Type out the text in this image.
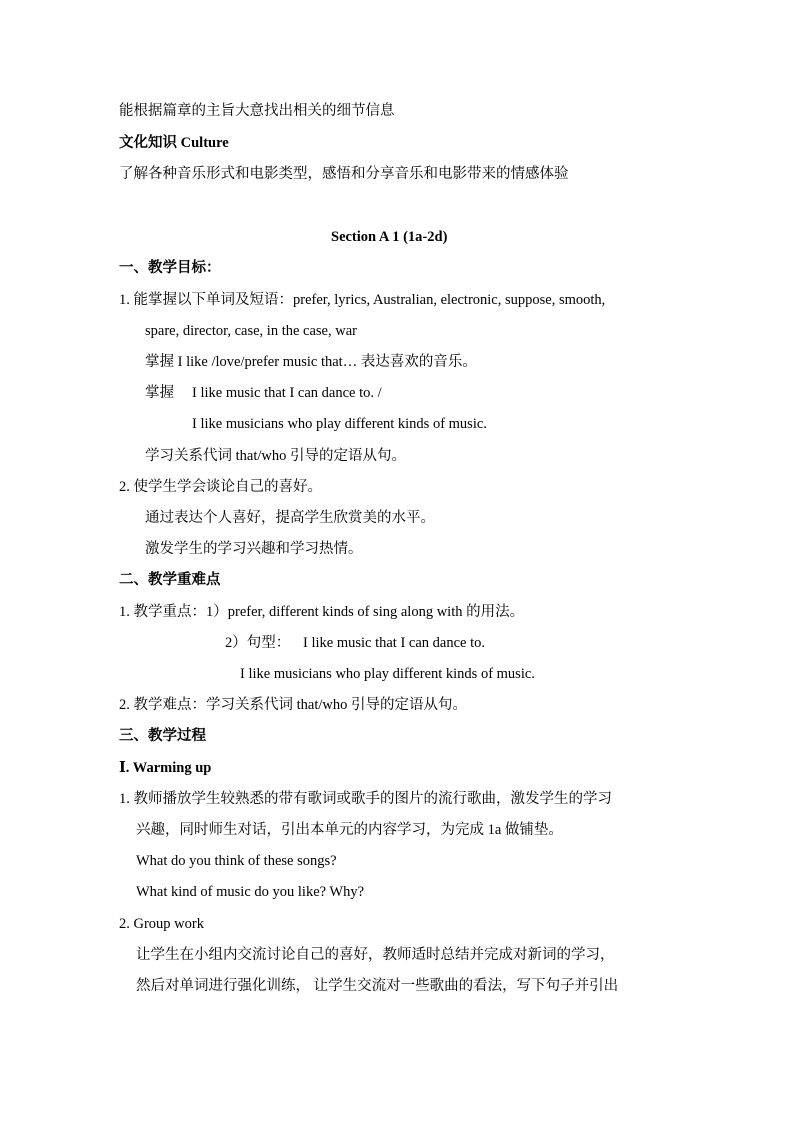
能根据篇章的主旨大意找出相关的细节信息
文化知识 Culture
了解各种音乐形式和电影类型，感悟和分享音乐和电影带来的情感体验
Section A 1 (1a-2d)
一、教学目标：
1. 能掌握以下单词及短语：prefer, lyrics, Australian, electronic, suppose, smooth,
spare, director, case, in the case, war
掌握 I like /love/prefer music that… 表达喜欢的音乐。
掌握 I like music that I can dance to. /
I like musicians who play different kinds of music.
学习关系代词 that/who 引导的定语从句。
2. 使学生学会谈论自己的喜好。
通过表达个人喜好，提高学生欣赏美的水平。
激发学生的学习兴趣和学习热情。
二、教学重难点
1. 教学重点：1）prefer, different kinds of sing along with 的用法。
2）句型： I like music that I can dance to.
I like musicians who play different kinds of music.
2. 教学难点：学习关系代词 that/who 引导的定语从句。
三、教学过程
Ⅰ. Warming up
1. 教师播放学生较熟悉的带有歌词或歌手的图片的流行歌曲，激发学生的学习
兴趣，同时师生对话，引出本单元的内容学习，为完成 1a 做铺垫。
What do you think of these songs?
What kind of music do you like? Why?
2. Group work
让学生在小组内交流讨论自己的喜好，教师适时总结并完成对新词的学习，
然后对单词进行强化训练， 让学生交流对一些歌曲的看法，写下句子并引出
